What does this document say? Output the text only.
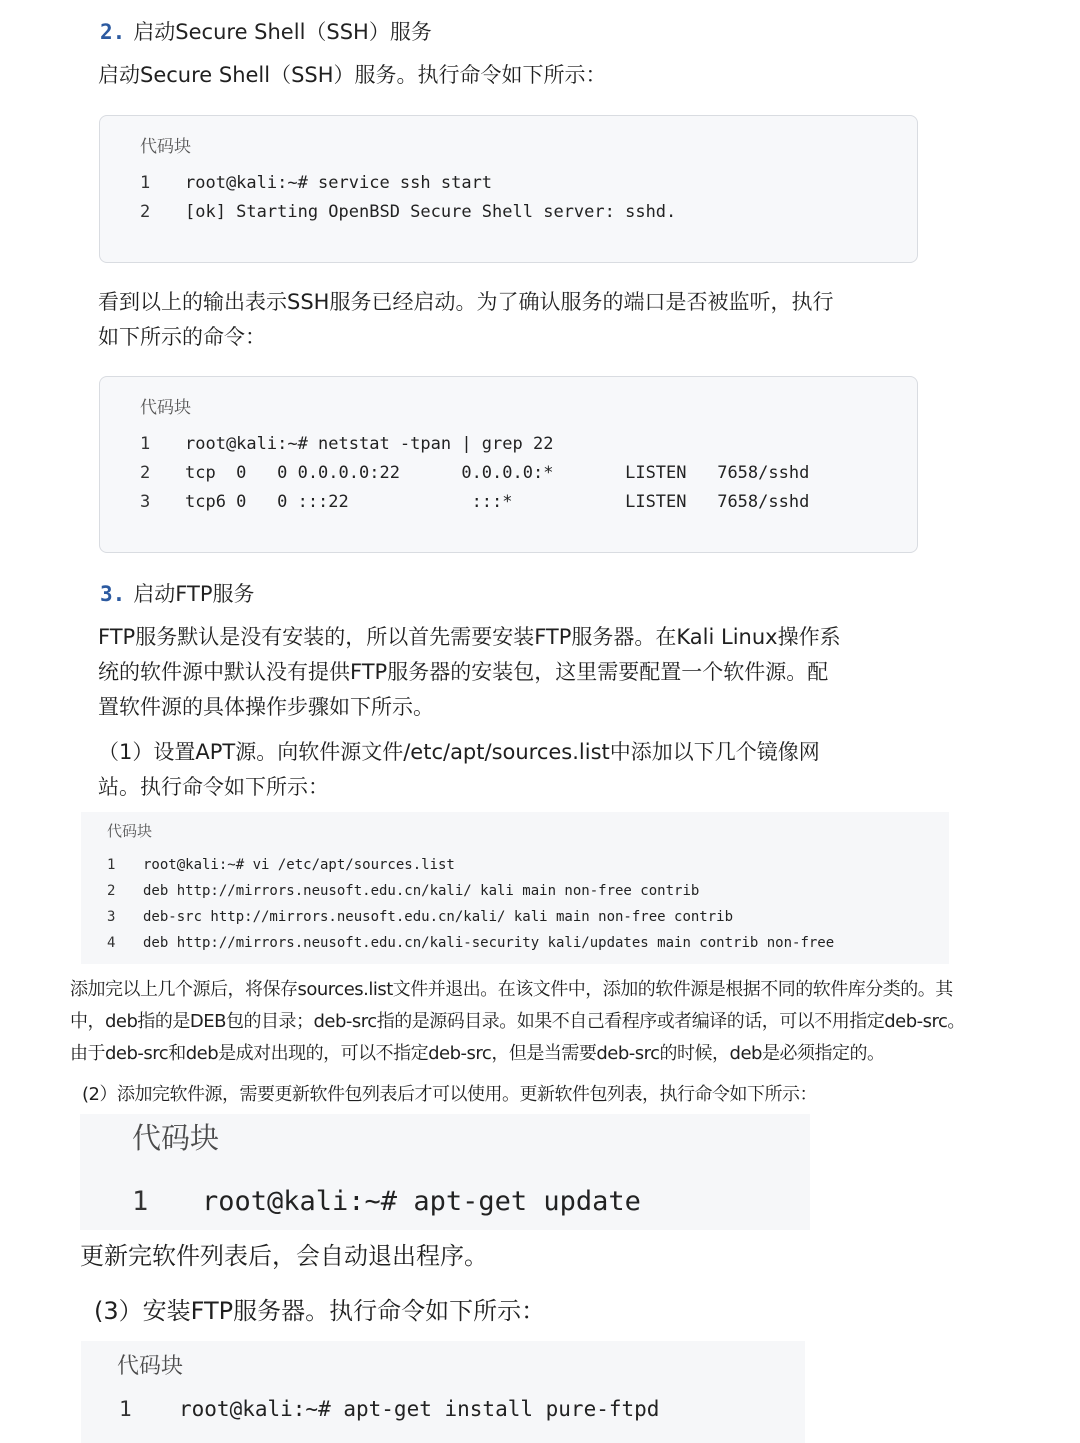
2. 启动Secure Shell（SSH）服务
启动Secure Shell（SSH）服务。执行命令如下所示：
代码块
1 root@kali:~# service ssh start
2 [ok] Starting OpenBSD Secure Shell server: sshd.
看到以上的输出表示SSH服务已经启动。为了确认服务的端口是否被监听，执行
如下所示的命令：
代码块
1 root@kali:~# netstat -tpan | grep 22
2 tcp  0   0 0.0.0.0:22      0.0.0.0:*       LISTEN   7658/sshd
3 tcp6 0   0 :::22            :::*           LISTEN   7658/sshd
3. 启动FTP服务
FTP服务默认是没有安装的，所以首先需要安装FTP服务器。在Kali Linux操作系
统的软件源中默认没有提供FTP服务器的安装包，这里需要配置一个软件源。配
置软件源的具体操作步骤如下所示。
（1）设置APT源。向软件源文件/etc/apt/sources.list中添加以下几个镜像网
站。执行命令如下所示：
代码块
1 root@kali:~# vi /etc/apt/sources.list
2 deb http://mirrors.neusoft.edu.cn/kali/ kali main non-free contrib
3 deb-src http://mirrors.neusoft.edu.cn/kali/ kali main non-free contrib
4 deb http://mirrors.neusoft.edu.cn/kali-security kali/updates main contrib non-free
添加完以上几个源后，将保存sources.list文件并退出。在该文件中，添加的软件源是根据不同的软件库分类的。其
中，deb指的是DEB包的目录；deb-src指的是源码目录。如果不自己看程序或者编译的话，可以不用指定deb-src。
由于deb-src和deb是成对出现的，可以不指定deb-src，但是当需要deb-src的时候，deb是必须指定的。
(2）添加完软件源，需要更新软件包列表后才可以使用。更新软件包列表，执行命令如下所示：
代码块
1 root@kali:~# apt-get update
更新完软件列表后，会自动退出程序。
(3）安装FTP服务器。执行命令如下所示：
代码块
1 root@kali:~# apt-get install pure-ftpd
